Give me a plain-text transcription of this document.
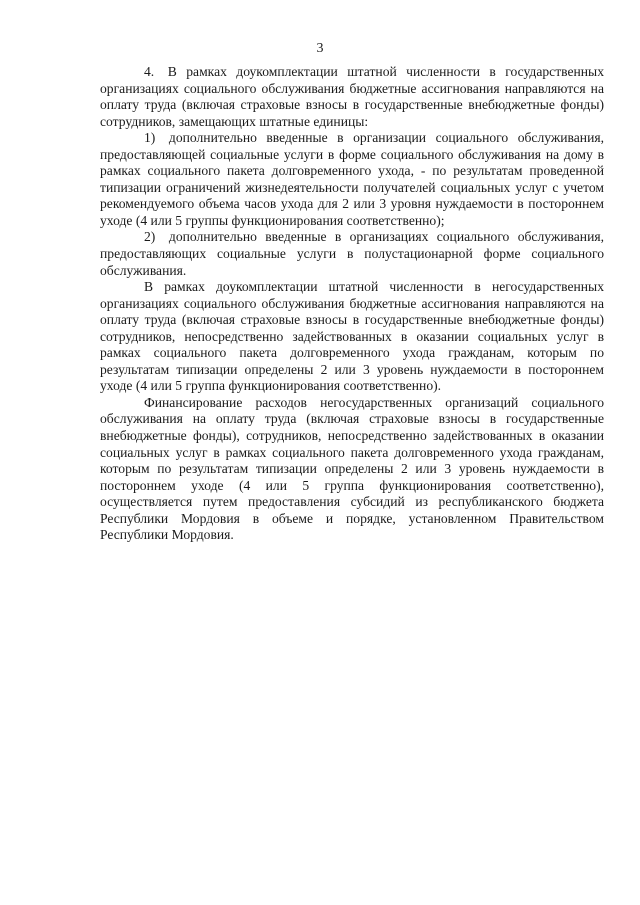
3

4. В рамках доукомплектации штатной численности в государственных организациях социального обслуживания бюджетные ассигнования направляются на оплату труда (включая страховые взносы в государственные внебюджетные фонды) сотрудников, замещающих штатные единицы:

1) дополнительно введенные в организации социального обслуживания, предоставляющей социальные услуги в форме социального обслуживания на дому в рамках социального пакета долговременного ухода, - по результатам проведенной типизации ограничений жизнедеятельности получателей социальных услуг с учетом рекомендуемого объема часов ухода для 2 или 3 уровня нуждаемости в постороннем уходе (4 или 5 группы функционирования соответственно);

2) дополнительно введенные в организациях социального обслуживания, предоставляющих социальные услуги в полустационарной форме социального обслуживания.

В рамках доукомплектации штатной численности в негосударственных организациях социального обслуживания бюджетные ассигнования направляются на оплату труда (включая страховые взносы в государственные внебюджетные фонды) сотрудников, непосредственно задействованных в оказании социальных услуг в рамках социального пакета долговременного ухода гражданам, которым по результатам типизации определены 2 или 3 уровень нуждаемости в постороннем уходе (4 или 5 группа функционирования соответственно).

Финансирование расходов негосударственных организаций социального обслуживания на оплату труда (включая страховые взносы в государственные внебюджетные фонды), сотрудников, непосредственно задействованных в оказании социальных услуг в рамках социального пакета долговременного ухода гражданам, которым по результатам типизации определены 2 или 3 уровень нуждаемости в постороннем уходе (4 или 5 группа функционирования соответственно), осуществляется путем предоставления субсидий из республиканского бюджета Республики Мордовия в объеме и порядке, установленном Правительством Республики Мордовия.
